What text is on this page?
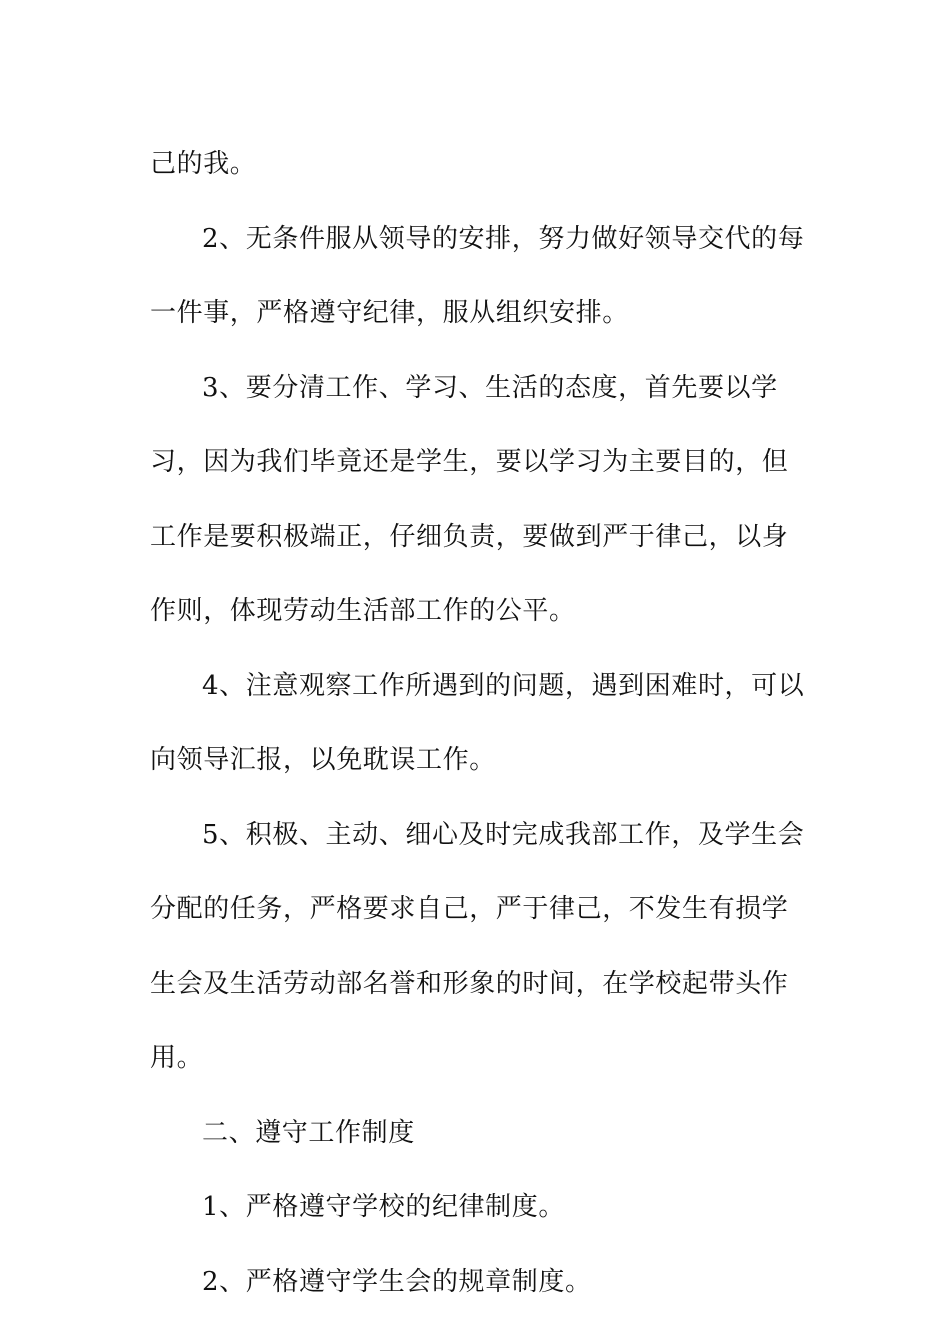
己的我。

2、无条件服从领导的安排，努力做好领导交代的每一件事，严格遵守纪律，服从组织安排。

3、要分清工作、学习、生活的态度，首先要以学习，因为我们毕竟还是学生，要以学习为主要目的，但工作是要积极端正，仔细负责，要做到严于律己，以身作则，体现劳动生活部工作的公平。

4、注意观察工作所遇到的问题，遇到困难时，可以向领导汇报，以免耽误工作。

5、积极、主动、细心及时完成我部工作，及学生会分配的任务，严格要求自己，严于律己，不发生有损学生会及生活劳动部名誉和形象的时间，在学校起带头作用。

二、遵守工作制度

1、严格遵守学校的纪律制度。

2、严格遵守学生会的规章制度。
